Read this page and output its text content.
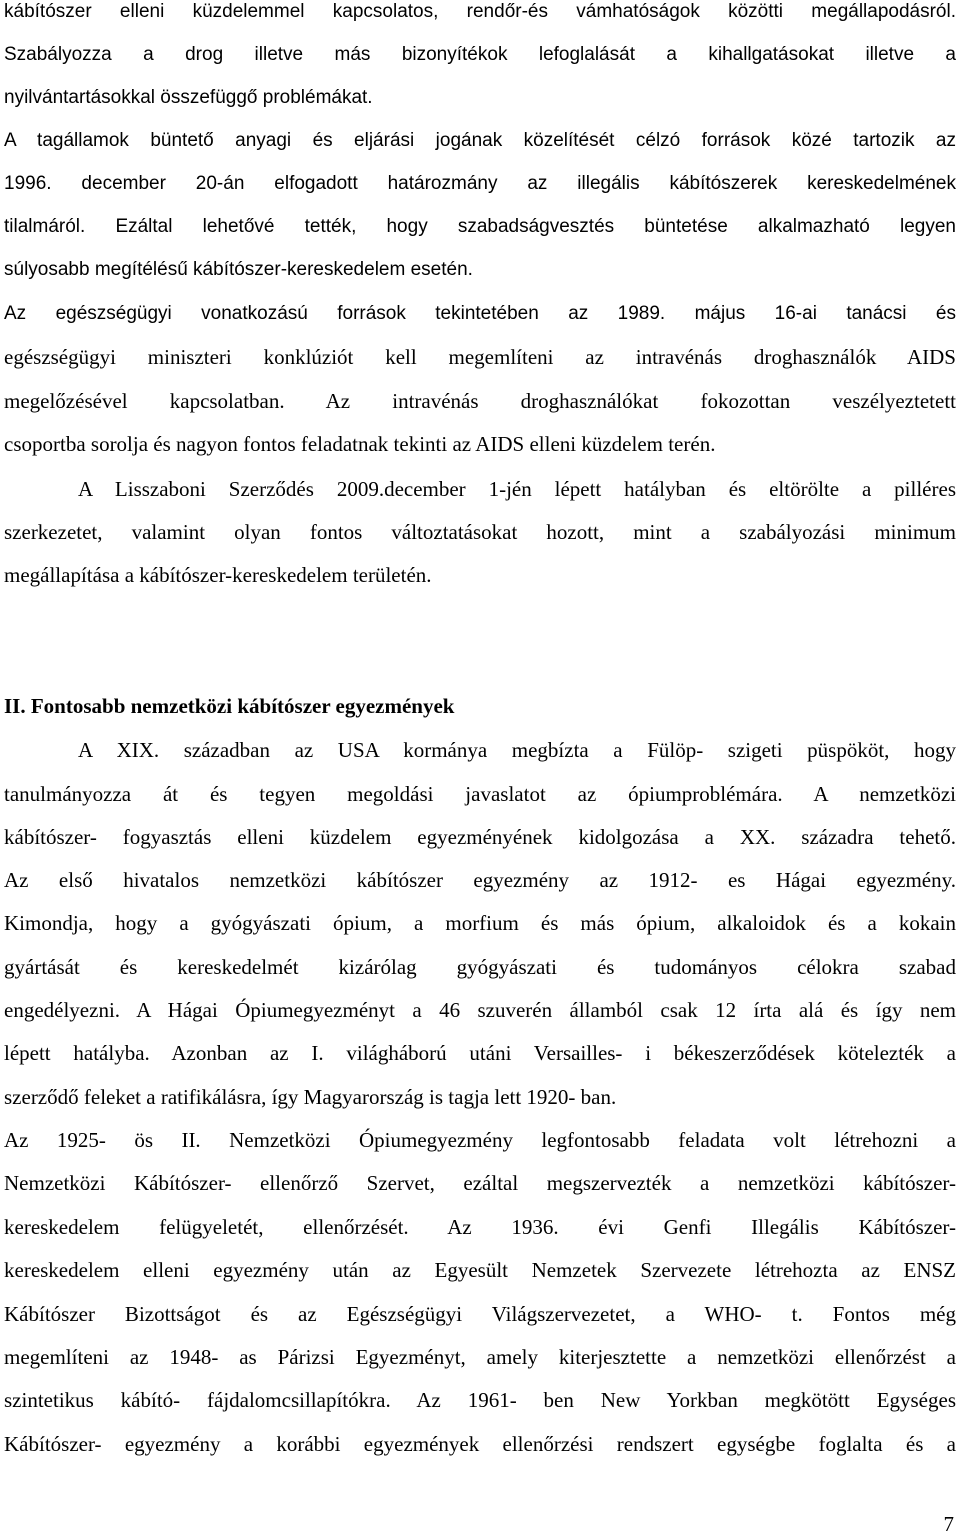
kábítószer elleni küzdelemmel kapcsolatos, rendőr-és vámhatóságok közötti megállapodásról.
Szabályozza a drog illetve más bizonyítékok lefoglalását a kihallgatásokat illetve a
nyilvántartásokkal összefüggő problémákat.
A tagállamok büntető anyagi és eljárási jogának közelítését célzó források közé tartozik az
1996. december 20-án elfogadott határozmány az illegális kábítószerek kereskedelmének
tilalmáról. Ezáltal lehetővé tették, hogy szabadságvesztés büntetése alkalmazható legyen
súlyosabb megítélésű kábítószer-kereskedelem esetén.
Az egészségügyi vonatkozású források tekintetében az 1989. május 16-ai tanácsi és
egészségügyi miniszteri konklúziót kell megemlíteni az intravénás droghasználók AIDS
megelőzésével kapcsolatban. Az intravénás droghasználókat fokozottan veszélyeztetett
csoportba sorolja és nagyon fontos feladatnak tekinti az AIDS elleni küzdelem terén.
A Lisszaboni Szerződés 2009.december 1-jén lépett hatályban és eltörölte a pilléres
szerkezetet, valamint olyan fontos változtatásokat hozott, mint a szabályozási minimum
megállapítása a kábítószer-kereskedelem területén.
II. Fontosabb nemzetközi kábítószer egyezmények
A XIX. században az USA kormánya megbízta a Fülöp- szigeti püspököt, hogy
tanulmányozza át és tegyen megoldási javaslatot az ópiumproblémára. A nemzetközi
kábítószer- fogyasztás elleni küzdelem egyezményének kidolgozása a XX. századra tehető.
Az első hivatalos nemzetközi kábítószer egyezmény az 1912- es Hágai egyezmény.
Kimondja, hogy a gyógyászati ópium, a morfium és más ópium, alkaloidok és a kokain
gyártását és kereskedelmét kizárólag gyógyászati és tudományos célokra szabad
engedélyezni. A Hágai Ópiumegyezményt a 46 szuverén államból csak 12 írta alá és így nem
lépett hatályba. Azonban az I. világháború utáni Versailles- i békeszerződések kötelezték a
szerződő feleket a ratifikálásra, így Magyarország is tagja lett 1920- ban.
Az 1925- ös II. Nemzetközi Ópiumegyezmény legfontosabb feladata volt létrehozni a
Nemzetközi Kábítószer- ellenőrző Szervet, ezáltal megszervezték a nemzetközi kábítószer-
kereskedelem felügyeletét, ellenőrzését. Az 1936. évi Genfi Illegális Kábítószer-
kereskedelem elleni egyezmény után az Egyesült Nemzetek Szervezete létrehozta az ENSZ
Kábítószer Bizottságot és az Egészségügyi Világszervezetet, a WHO- t. Fontos még
megemlíteni az 1948- as Párizsi Egyezményt, amely kiterjesztette a nemzetközi ellenőrzést a
szintetikus kábító- fájdalomcsillapítókra. Az 1961- ben New Yorkban megkötött Egységes
Kábítószer- egyezmény a korábbi egyezmények ellenőrzési rendszert egységbe foglalta és a
7
